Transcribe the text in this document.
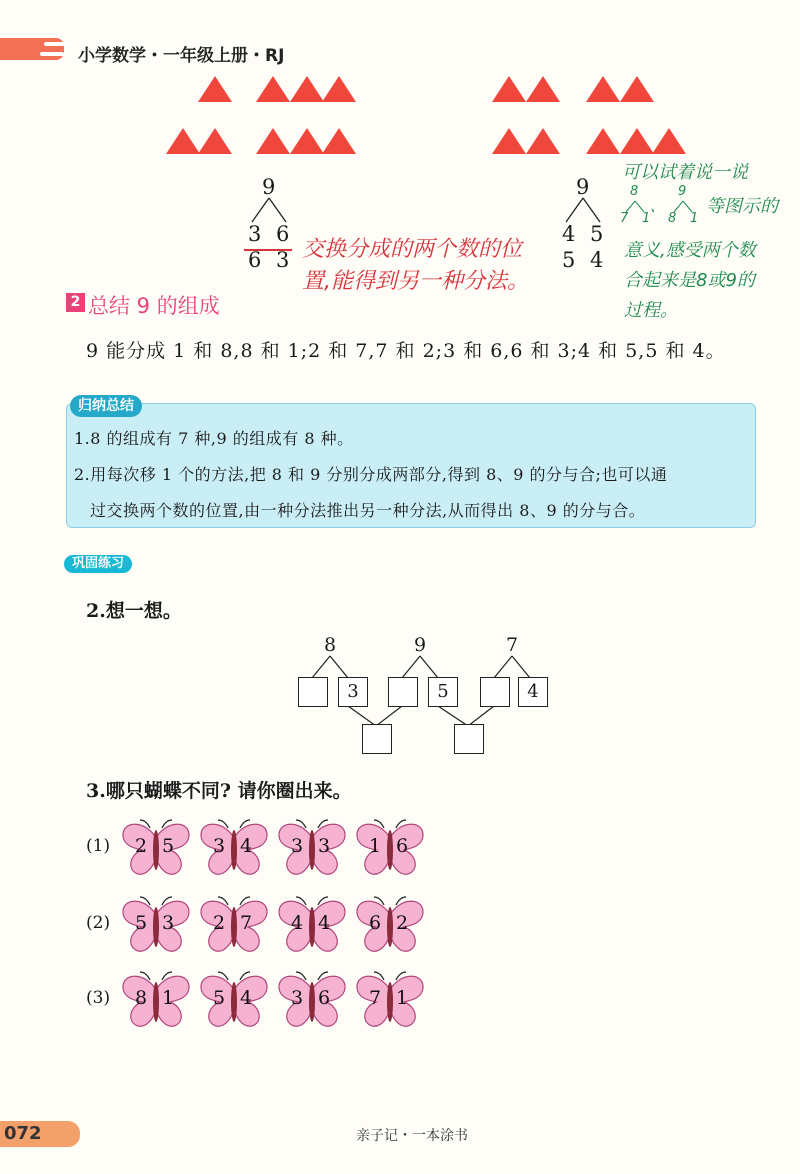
小学数学・一年级上册・RJ
9
3 6
6 3 交换分成的两个数的位
置,能得到另一种分法。
9
4 5
5 4
可以试着说一说
8
7 1
、
9
8 1
等图示的
意义,感受两个数
合起来是8或9的
过程。
2 总结 9 的组成
9 能分成 1 和 8,8 和 1;2 和 7,7 和 2;3 和 6,6 和 3;4 和 5,5 和 4。
归纳总结
1.8 的组成有 7 种,9 的组成有 8 种。
2.用每次移 1 个的方法,把 8 和 9 分别分成两部分,得到 8、9 的分与合;也可以通
过交换两个数的位置,由一种分法推出另一种分法,从而得出 8、9 的分与合。
巩固练习
2.想一想。
8	9	7
3	5	4
3.哪只蝴蝶不同? 请你圈出来。
(1) 2 5 3 4 3 3 1 6
(2) 5 3 2 7 4 4 6 2
(3) 8 1 5 4 3 6 7 1
072	亲子记・一本涂书
